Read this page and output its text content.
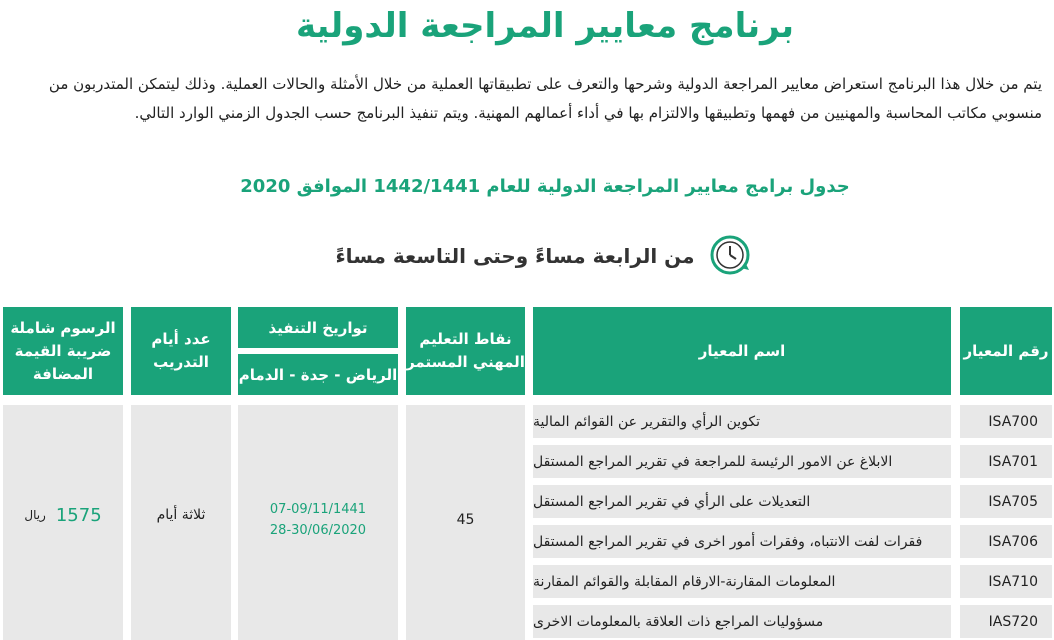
برنامج معايير المراجعة الدولية

يتم من خلال هذا البرنامج استعراض معايير المراجعة الدولية وشرحها والتعرف على تطبيقاتها العملية من خلال الأمثلة والحالات العملية. وذلك ليتمكن المتدربون من منسوبي مكاتب المحاسبة والمهنيين من فهمها وتطبيقها والالتزام بها في أداء أعمالهم المهنية. ويتم تنفيذ البرنامج حسب الجدول الزمني الوارد التالي.

جدول برامج معايير المراجعة الدولية للعام 1442/1441 الموافق 2020
من الرابعة مساءً وحتى التاسعة مساءً
رقم المعيار
اسم المعيار
نقاط التعليم المهني المستمر
تواريخ التنفيذ
الرياض - جدة - الدمام
عدد أيام التدريب
الرسوم شاملة ضريبة القيمة المضافة
ISA700
تكوين الرأي والتقرير عن القوائم المالية
ISA701
الابلاغ عن الامور الرئيسة للمراجعة في تقرير المراجع المستقل
ISA705
التعديلات على الرأي في تقرير المراجع المستقل
ISA706
فقرات لفت الانتباه، وفقرات أمور اخرى في تقرير المراجع المستقل
ISA710
المعلومات المقارنة-الارقام المقابلة والقوائم المقارنة
IAS720
مسؤوليات المراجع ذات العلاقة بالمعلومات الاخرى
45
07-09/11/1441
28-30/06/2020
ثلاثة أيام
1575
ريال
